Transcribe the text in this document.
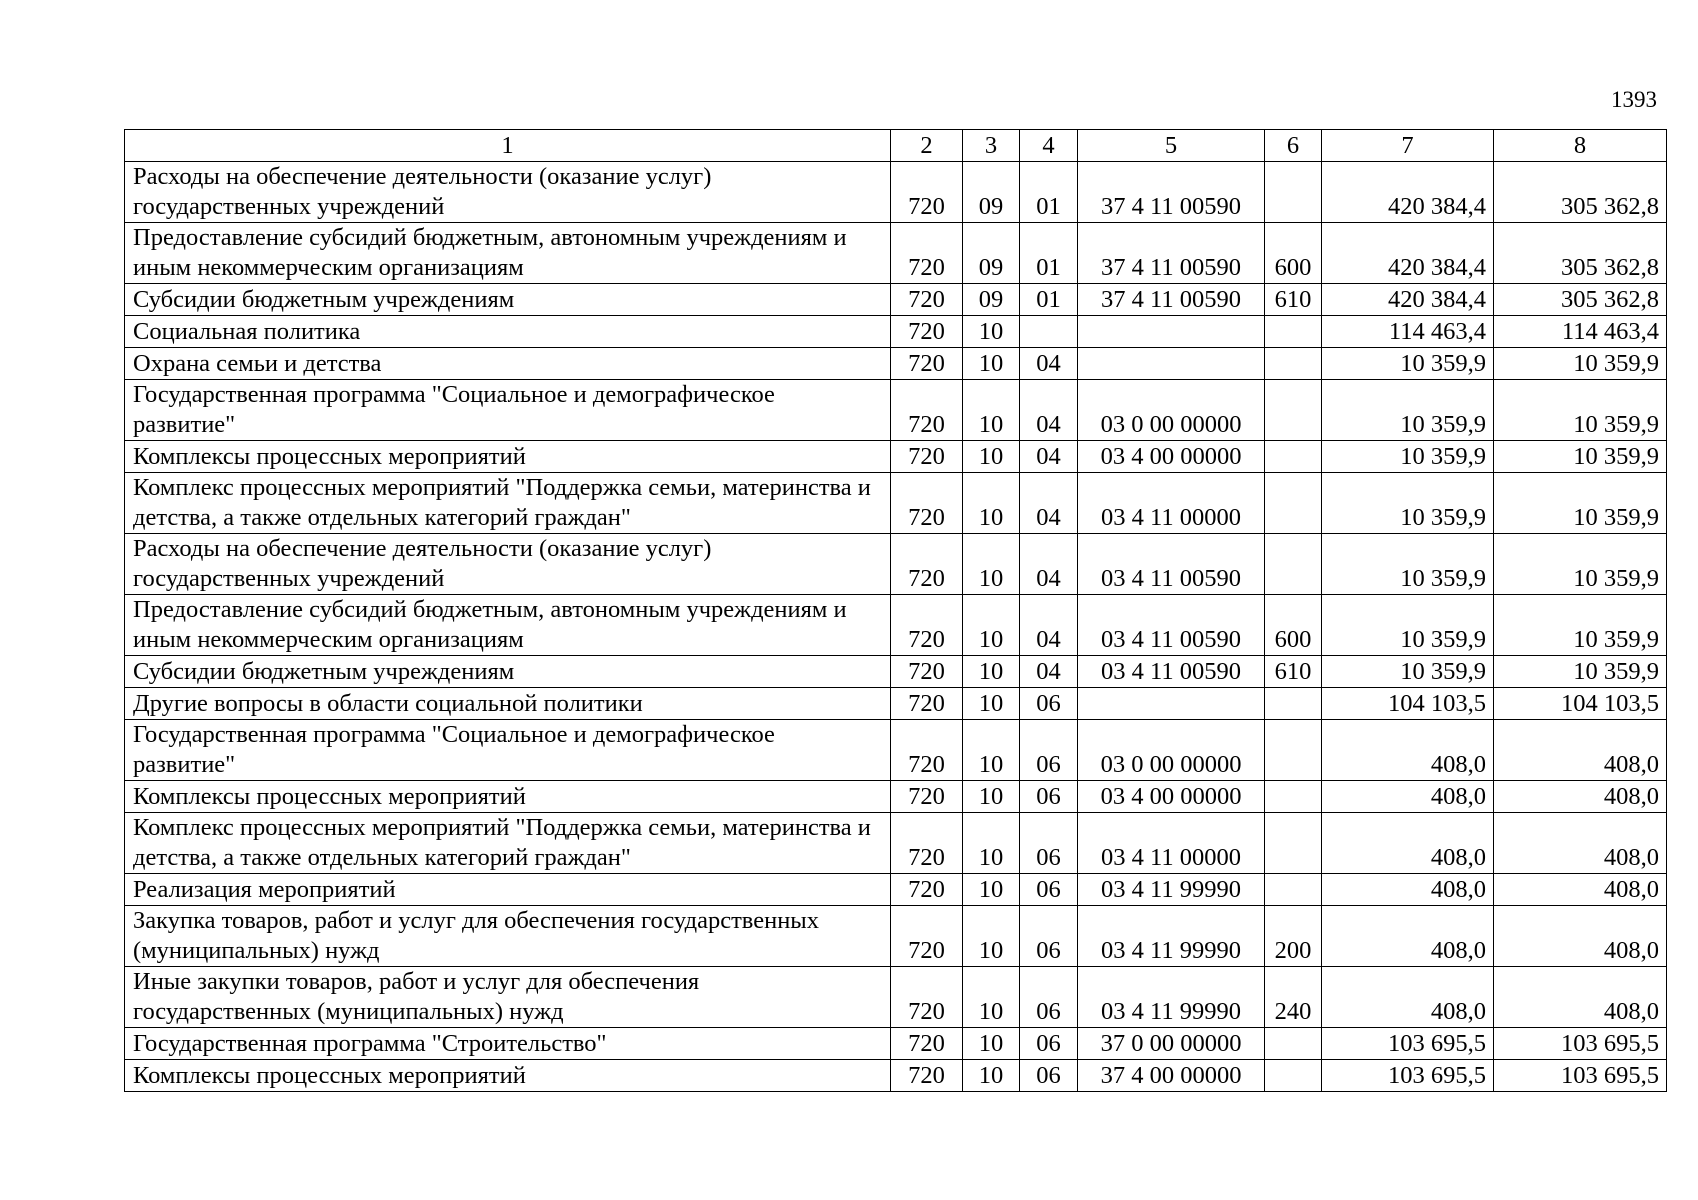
1393
1	2	3	4	5	6	7	8
Расходы на обеспечение деятельности (оказание услуг) государственных учреждений	720	09	01	37 4 11 00590		420 384,4	305 362,8
Предоставление субсидий бюджетным, автономным учреждениям и иным некоммерческим организациям	720	09	01	37 4 11 00590	600	420 384,4	305 362,8
Субсидии бюджетным учреждениям	720	09	01	37 4 11 00590	610	420 384,4	305 362,8
Социальная политика	720	10				114 463,4	114 463,4
Охрана семьи и детства	720	10	04			10 359,9	10 359,9
Государственная программа "Социальное и демографическое развитие"	720	10	04	03 0 00 00000		10 359,9	10 359,9
Комплексы процессных мероприятий	720	10	04	03 4 00 00000		10 359,9	10 359,9
Комплекс процессных мероприятий "Поддержка семьи, материнства и детства, а также отдельных категорий граждан"	720	10	04	03 4 11 00000		10 359,9	10 359,9
Расходы на обеспечение деятельности (оказание услуг) государственных учреждений	720	10	04	03 4 11 00590		10 359,9	10 359,9
Предоставление субсидий бюджетным, автономным учреждениям и иным некоммерческим организациям	720	10	04	03 4 11 00590	600	10 359,9	10 359,9
Субсидии бюджетным учреждениям	720	10	04	03 4 11 00590	610	10 359,9	10 359,9
Другие вопросы в области социальной политики	720	10	06			104 103,5	104 103,5
Государственная программа "Социальное и демографическое развитие"	720	10	06	03 0 00 00000		408,0	408,0
Комплексы процессных мероприятий	720	10	06	03 4 00 00000		408,0	408,0
Комплекс процессных мероприятий "Поддержка семьи, материнства и детства, а также отдельных категорий граждан"	720	10	06	03 4 11 00000		408,0	408,0
Реализация мероприятий	720	10	06	03 4 11 99990		408,0	408,0
Закупка товаров, работ и услуг для обеспечения государственных (муниципальных) нужд	720	10	06	03 4 11 99990	200	408,0	408,0
Иные закупки товаров, работ и услуг для обеспечения государственных (муниципальных) нужд	720	10	06	03 4 11 99990	240	408,0	408,0
Государственная программа "Строительство"	720	10	06	37 0 00 00000		103 695,5	103 695,5
Комплексы процессных мероприятий	720	10	06	37 4 00 00000		103 695,5	103 695,5
